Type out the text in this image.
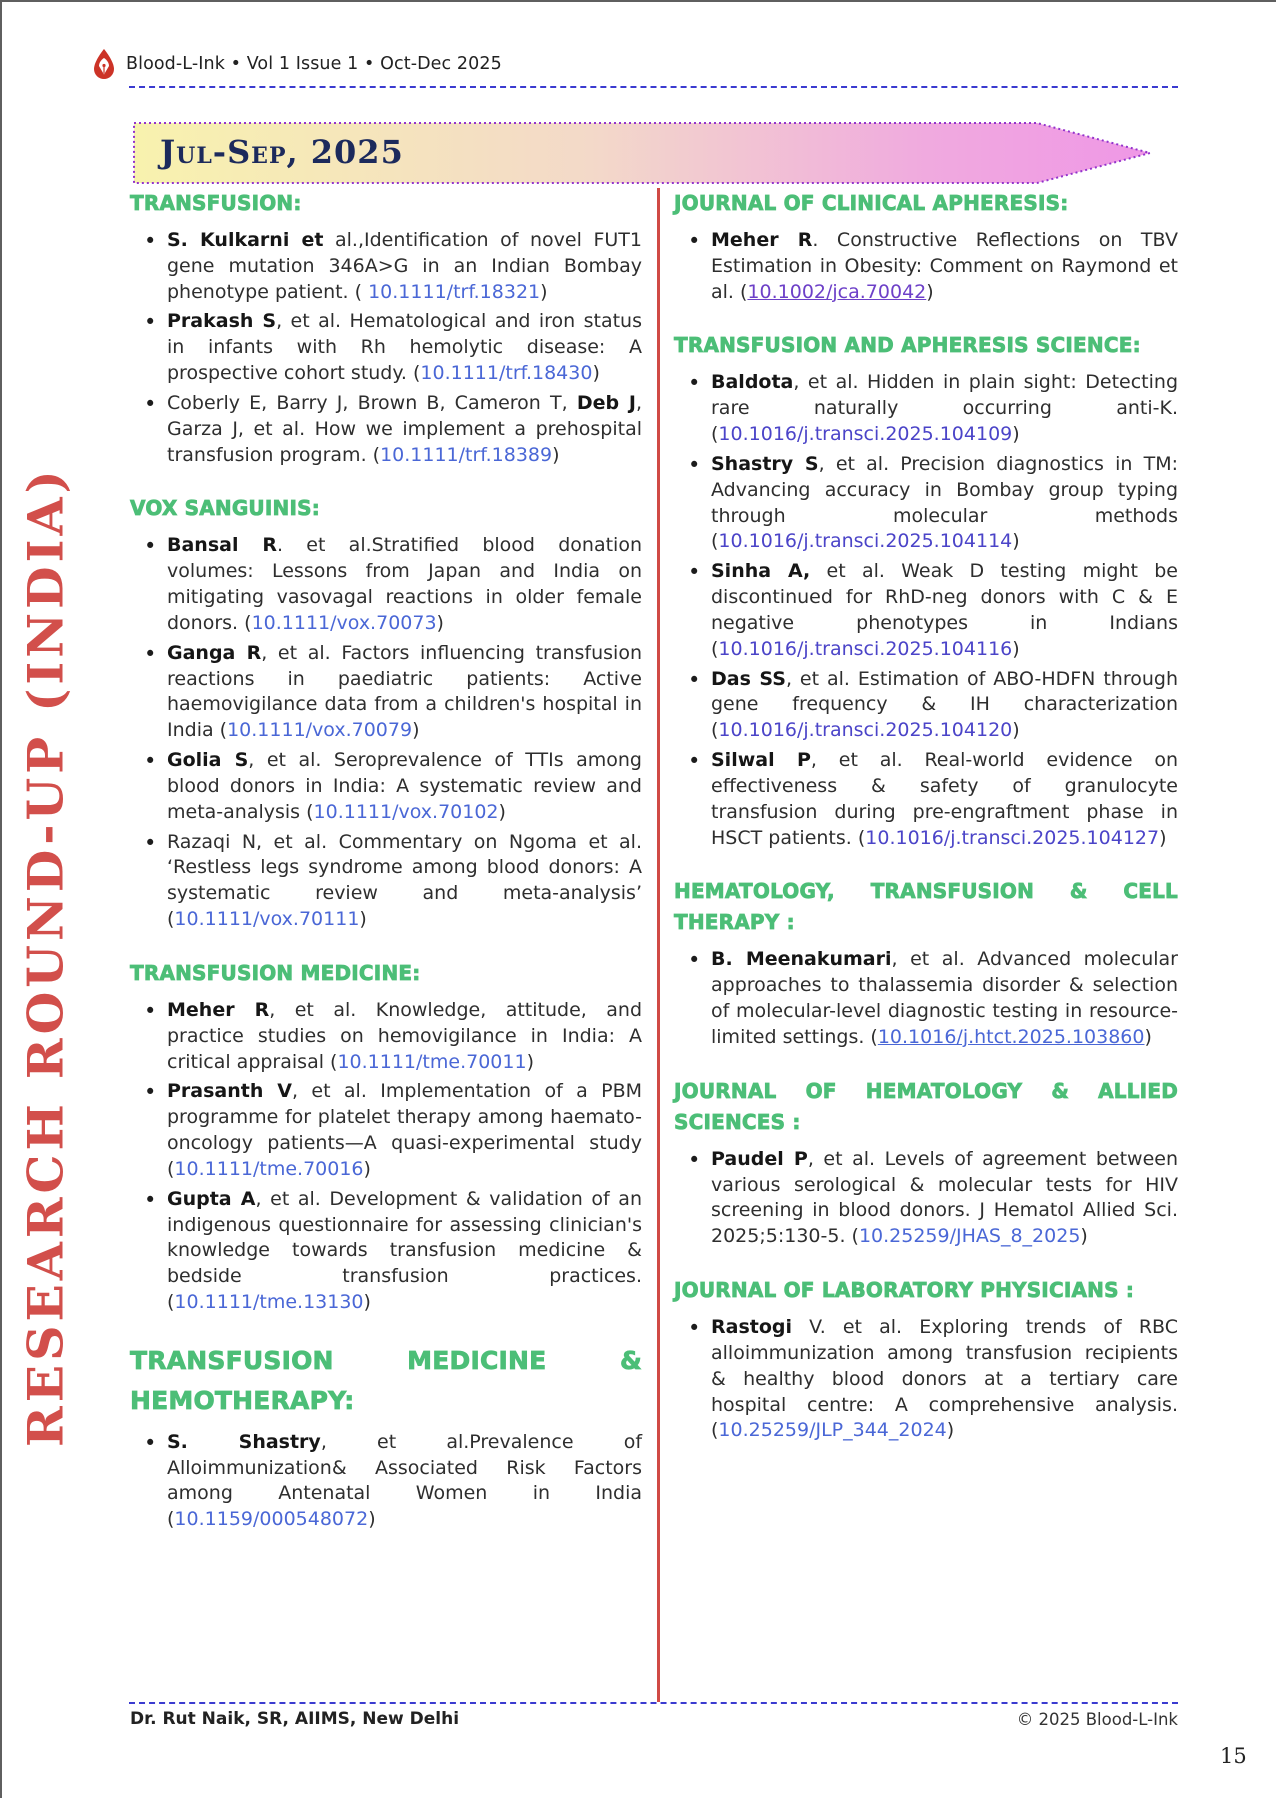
Blood-L-Ink • Vol 1 Issue 1 • Oct-Dec 2025
Jul-Sep, 2025
RESEARCH ROUND-UP (INDIA)
TRANSFUSION:
• S. Kulkarni et al.,Identification of novel FUT1 gene mutation 346A>G in an Indian Bombay phenotype patient. ( 10.1111/trf.18321)
• Prakash S, et al. Hematological and iron status in infants with Rh hemolytic disease: A prospective cohort study. (10.1111/trf.18430)
• Coberly E, Barry J, Brown B, Cameron T, Deb J, Garza J, et al. How we implement a prehospital transfusion program. (10.1111/trf.18389)
VOX SANGUINIS:
• Bansal R. et al.Stratified blood donation volumes: Lessons from Japan and India on mitigating vasovagal reactions in older female donors. (10.1111/vox.70073)
• Ganga R, et al. Factors influencing transfusion reactions in paediatric patients: Active haemovigilance data from a children's hospital in India (10.1111/vox.70079)
• Golia S, et al. Seroprevalence of TTIs among blood donors in India: A systematic review and meta-analysis (10.1111/vox.70102)
• Razaqi N, et al. Commentary on Ngoma et al. ‘Restless legs syndrome among blood donors: A systematic review and meta-analysis’ (10.1111/vox.70111)
TRANSFUSION MEDICINE:
• Meher R, et al. Knowledge, attitude, and practice studies on hemovigilance in India: A critical appraisal (10.1111/tme.70011)
• Prasanth V, et al. Implementation of a PBM programme for platelet therapy among haemato-oncology patients—A quasi-experimental study (10.1111/tme.70016)
• Gupta A, et al. Development & validation of an indigenous questionnaire for assessing clinician's knowledge towards transfusion medicine & bedside transfusion practices. (10.1111/tme.13130)
TRANSFUSION MEDICINE & HEMOTHERAPY:
• S. Shastry, et al.Prevalence of Alloimmunization& Associated Risk Factors among Antenatal Women in India (10.1159/000548072)
JOURNAL OF CLINICAL APHERESIS:
• Meher R. Constructive Reflections on TBV Estimation in Obesity: Comment on Raymond et al. (10.1002/jca.70042)
TRANSFUSION AND APHERESIS SCIENCE:
• Baldota, et al. Hidden in plain sight: Detecting rare naturally occurring anti-K. (10.1016/j.transci.2025.104109)
• Shastry S, et al. Precision diagnostics in TM: Advancing accuracy in Bombay group typing through molecular methods (10.1016/j.transci.2025.104114)
• Sinha A, et al. Weak D testing might be discontinued for RhD-neg donors with C & E negative phenotypes in Indians (10.1016/j.transci.2025.104116)
• Das SS, et al. Estimation of ABO-HDFN through gene frequency & IH characterization (10.1016/j.transci.2025.104120)
• Silwal P, et al. Real-world evidence on effectiveness & safety of granulocyte transfusion during pre-engraftment phase in HSCT patients. (10.1016/j.transci.2025.104127)
HEMATOLOGY, TRANSFUSION & CELL THERAPY :
• B. Meenakumari, et al. Advanced molecular approaches to thalassemia disorder & selection of molecular-level diagnostic testing in resource-limited settings. (10.1016/j.htct.2025.103860)
JOURNAL OF HEMATOLOGY & ALLIED SCIENCES :
• Paudel P, et al. Levels of agreement between various serological & molecular tests for HIV screening in blood donors. J Hematol Allied Sci. 2025;5:130-5. (10.25259/JHAS_8_2025)
JOURNAL OF LABORATORY PHYSICIANS :
• Rastogi V. et al. Exploring trends of RBC alloimmunization among transfusion recipients & healthy blood donors at a tertiary care hospital centre: A comprehensive analysis. (10.25259/JLP_344_2024)
Dr. Rut Naik, SR, AIIMS, New Delhi	© 2025 Blood-L-Ink
15
